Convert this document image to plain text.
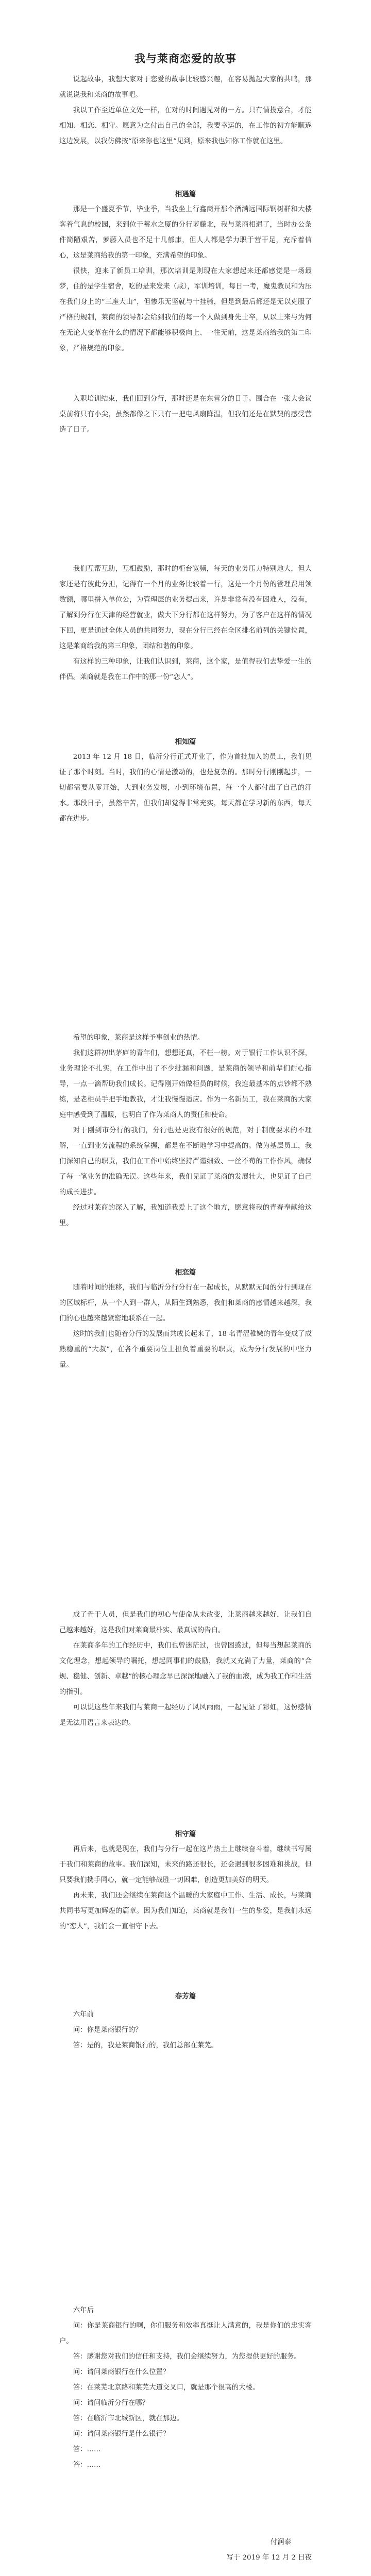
我与莱商恋爱的故事

说起故事，我想大家对于恋爱的故事比较感兴趣，在容易抛起大家的共鸣，那就说说我和莱商的故事吧。

我以工作至近单位文处一样，在对的时间遇见对的一方。只有情投意合，才能相知、相恋、相守。愿意为之付出自己的全部，我要幸运的，在工作的初方能顺遂这边发展，以我仿佛按“原来你也这里”见到，原来我也知你工作就在这里。

相遇篇

那是一个盛夏季节，毕业季，当我坐上行鑫商开那个酒满远国际钢树群和大楼客着气息的校园，来到位于蓄水之厦的分行萝藤北，我与莱商相遇了，当时办公条件简陋艰苦，萝藤入员也不足十几郁康，但人人都是学力职于营干足，充斥着信心，这是莱商给我的第一印象，充满希望的印象。

很快，迎来了新员工培训，那次培训是则现在大家想起来还都感觉是一场最梦，住的是学生宿舍，吃的是来发来（咸），军训培训，每日一考，魔鬼教员和为压在我们身上的“三座大山”，但惨乐无坚就与十挂骑，但是到最后都还是无以克服了严格的规制，莱商的领导都会给到我们的每一个人做到身先士卒，从以上来与为何在无论大变革在什么的情况下都能够积极向上、一往无前，这是莱商给我的第二印象，严格规范的印象。

入职培训结束，我们回到分行，那时还是在东营分的日子。围合在一张大会议桌前将只有小尖，虽然都像之下只有一把电风扇降温，但我们还是在默契的感受营造了日子。

我们互帮互助，互相鼓励，那时的柜台宽频，每天的业务压力特别地大，但大家还是有彼此分担，记得有一个月的业务比较着一行，这是一个月份的管理费用领数额，哪里拼入单位公，为管理层的业务提出来，许是非常有没有困难人，没有，了解到分行在天津的经营就业，做大下分行都在这样努力，为了客户在这样的情况下回，更是通过全体人员的共同努力，现在分行已经在全区排名前列的关键位置，这是莱商给我的第三印象，团结和谐的印象。

有这样的三种印象，让我们认识到，莱商，这个家，是值得我们去挚爱一生的伴侣。莱商就是我在工作中的那一份“恋人”。

相知篇

2013 年 12 月 18 日，临沂分行正式开业了，作为首批加入的员工，我们见证了那个时刻。当时，我们的心情是激动的，也是复杂的。那时分行刚刚起步，一切都需要从零开始，大到业务发展，小到环境布置，每一个人都付出了自己的汗水。那段日子，虽然辛苦，但我们却觉得非常充实，每天都在学习新的东西，每天都在进步。

希望的印象，莱商是这样予事创业的热情。

我们这群初出茅庐的青年们，想想还真，不枉一榜。对于银行工作认识不深，业务理论不扎实，在工作中出了不少纰漏和问题，是莱商的领导和前辈们耐心指导，一点一滴帮助我们成长。记得刚开始做柜员的时候，我连最基本的点钞都不熟练，是老柜员手把手地教我，才让我慢慢适应。作为一名新员工，我在莱商的大家庭中感受到了温暖，也明白了作为莱商人的责任和使命。

对于刚到市分行的我们，分行也是更没有很好的规范，对于制度要求的不理解，一直到业务流程的系统掌握，都是在不断地学习中提高的。做为基层员工，我们深知自己的职责，我们在工作中始终坚持严谨细致、一丝不苟的工作作风，确保了每一笔业务的准确无误。这些年来，我们见证了莱商的发展壮大，也见证了自己的成长进步。

经过对莱商的深入了解，我知道我爱上了这个地方，愿意将我的青春奉献给这里。

相恋篇

随着时间的推移，我们与临沂分行分行在一起成长，从默默无闻的分行到现在的区域标杆，从一个人到一群人，从陌生到熟悉，我们和莱商的感情越来越深，我们的心也越来越紧密地联系在一起。

这时的我们也随着分行的发展而共成长起来了，18 名青涩稚嫩的青年变成了成熟稳重的“大叔”，在各个重要岗位上担负着重要的职责，成为分行发展的中坚力量。

成了骨干人员，但是我们的初心与使命从未改变，让莱商越来越好，让我们自己越来越好，这是我们对莱商最朴实、最真诚的告白。

在莱商多年的工作经历中，我们也曾迷茫过，也曾困惑过，但每当想起莱商的文化理念，想起领导的嘱托，想起同事们的鼓励，我就又充满了力量，莱商的“合规、稳健、创新、卓越”的核心理念早已深深地融入了我的血液，成为我工作和生活的指引。

可以说这些年来我们与莱商一起经历了风风雨雨，一起见证了彩虹，这份感情是无法用语言来表达的。

相守篇

再后来，也就是现在，我们与分行一起在这片热土上继续奋斗着，继续书写属于我们和莱商的故事。我们深知，未来的路还很长，还会遇到很多困难和挑战，但只要我们携手同心，就一定能够战胜一切困难，创造更加美好的明天。

再未来，我们还会继续在莱商这个温暖的大家庭中工作、生活、成长，与莱商共同书写更加辉煌的篇章。因为我们知道，莱商就是我们一生的挚爱，是我们永远的“恋人”，我们会一直相守下去。

春芳篇

六年前

问：你是莱商银行的？

答：是的，我是莱商银行的，我们总部在莱芜。

六年后

问：你是莱商银行的啊，你们服务和效率真挺让人满意的，我是你们的忠实客户。

答：感谢您对我们的信任和支持，我们会继续努力，为您提供更好的服务。

问：请问莱商银行在什么位置？

答：在莱芜北京路和莱芜大道交叉口，就是那个很高的大楼。

问：请问临沂分行在哪？

答：在临沂市北城新区，就在那边。

问：请问莱商银行是什么银行？

答：……

答：……

付润泰

写于 2019 年 12 月 2 日夜
